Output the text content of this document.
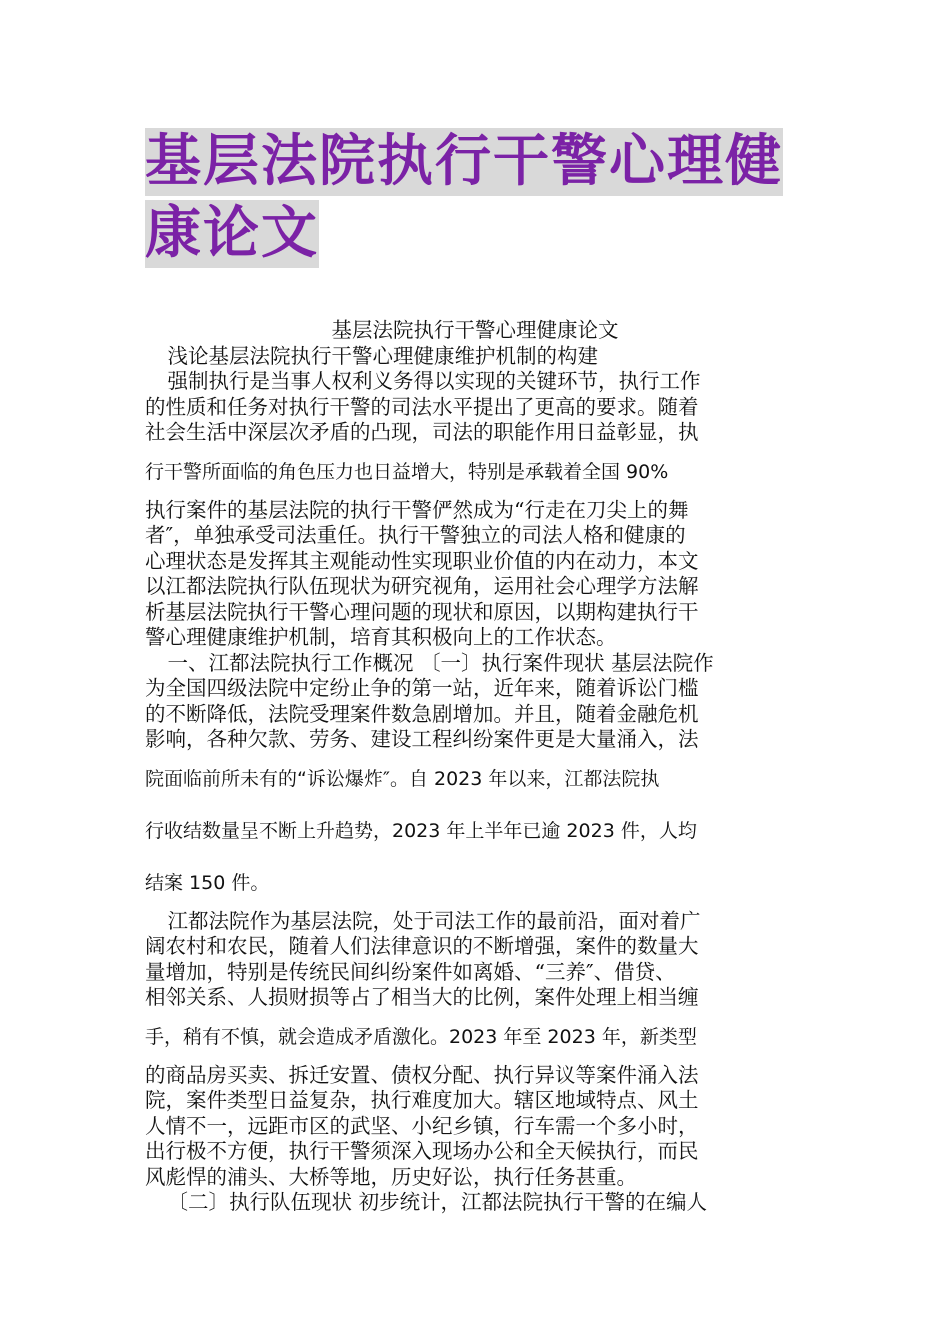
基层法院执行干警心理健
康论文

基层法院执行干警心理健康论文

浅论基层法院执行干警心理健康维护机制的构建

强制执行是当事人权利义务得以实现的关键环节，执行工作
的性质和任务对执行干警的司法水平提出了更高的要求。随着
社会生活中深层次矛盾的凸现，司法的职能作用日益彰显，执
行干警所面临的角色压力也日益增大，特别是承载着全国 90%
执行案件的基层法院的执行干警俨然成为“行走在刀尖上的舞
者″，单独承受司法重任。执行干警独立的司法人格和健康的
心理状态是发挥其主观能动性实现职业价值的内在动力，本文
以江都法院执行队伍现状为研究视角，运用社会心理学方法解
析基层法院执行干警心理问题的现状和原因，以期构建执行干
警心理健康维护机制，培育其积极向上的工作状态。
一、江都法院执行工作概况 〔一〕执行案件现状 基层法院作
为全国四级法院中定纷止争的第一站，近年来，随着诉讼门槛
的不断降低，法院受理案件数急剧增加。并且，随着金融危机
影响，各种欠款、劳务、建设工程纠纷案件更是大量涌入，法
院面临前所未有的“诉讼爆炸″。自 2023 年以来，江都法院执
行收结数量呈不断上升趋势，2023 年上半年已逾 2023 件，人均
结案 150 件。
江都法院作为基层法院，处于司法工作的最前沿，面对着广
阔农村和农民，随着人们法律意识的不断增强，案件的数量大
量增加，特别是传统民间纠纷案件如离婚、“三养″、借贷、
相邻关系、人损财损等占了相当大的比例，案件处理上相当缠
手，稍有不慎，就会造成矛盾激化。2023 年至 2023 年，新类型
的商品房买卖、拆迁安置、债权分配、执行异议等案件涌入法
院，案件类型日益复杂，执行难度加大。辖区地域特点、风土
人情不一，远距市区的武坚、小纪乡镇，行车需一个多小时，
出行极不方便，执行干警须深入现场办公和全天候执行，而民
风彪悍的浦头、大桥等地，历史好讼，执行任务甚重。
〔二〕执行队伍现状 初步统计，江都法院执行干警的在编人
